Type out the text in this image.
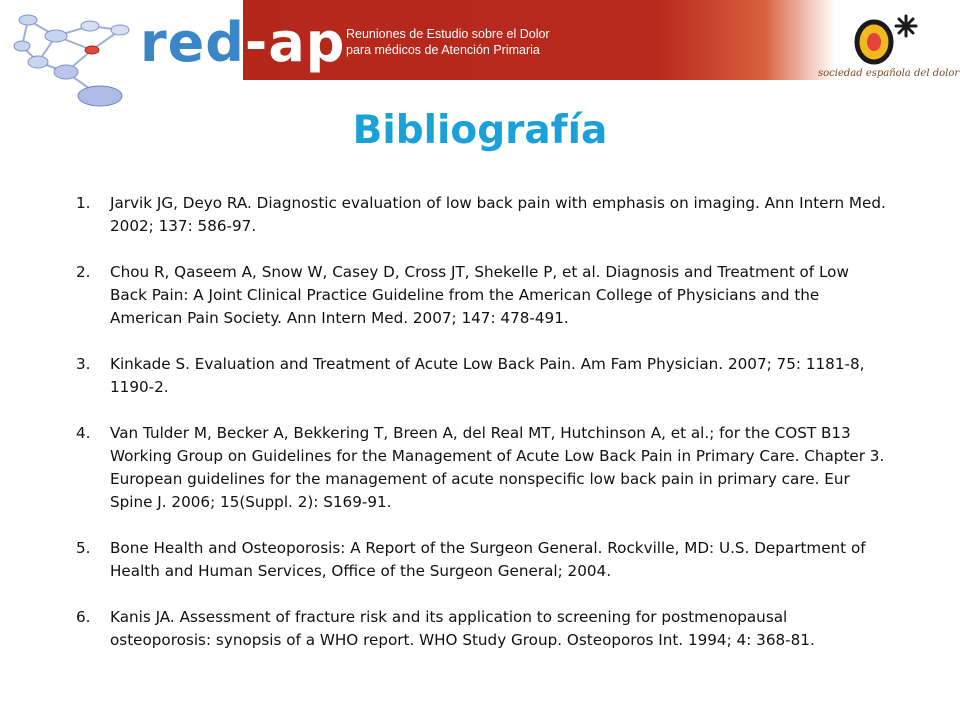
red-ap Reuniones de Estudio sobre el Dolor
para médicos de Atención Primaria
sociedad española del dolor
Bibliografía
1. Jarvik JG, Deyo RA. Diagnostic evaluation of low back pain with emphasis on imaging. Ann Intern Med. 2002; 137: 586-97.
2. Chou R, Qaseem A, Snow W, Casey D, Cross JT, Shekelle P, et al. Diagnosis and Treatment of Low Back Pain: A Joint Clinical Practice Guideline from the American College of Physicians and the American Pain Society. Ann Intern Med. 2007; 147: 478-491.
3. Kinkade S. Evaluation and Treatment of Acute Low Back Pain. Am Fam Physician. 2007; 75: 1181-8, 1190-2.
4. Van Tulder M, Becker A, Bekkering T, Breen A, del Real MT, Hutchinson A, et al.; for the COST B13 Working Group on Guidelines for the Management of Acute Low Back Pain in Primary Care. Chapter 3. European guidelines for the management of acute nonspecific low back pain in primary care. Eur Spine J. 2006; 15(Suppl. 2): S169-91.
5. Bone Health and Osteoporosis: A Report of the Surgeon General. Rockville, MD: U.S. Department of Health and Human Services, Office of the Surgeon General; 2004.
6. Kanis JA. Assessment of fracture risk and its application to screening for postmenopausal osteoporosis: synopsis of a WHO report. WHO Study Group. Osteoporos Int. 1994; 4: 368-81.
